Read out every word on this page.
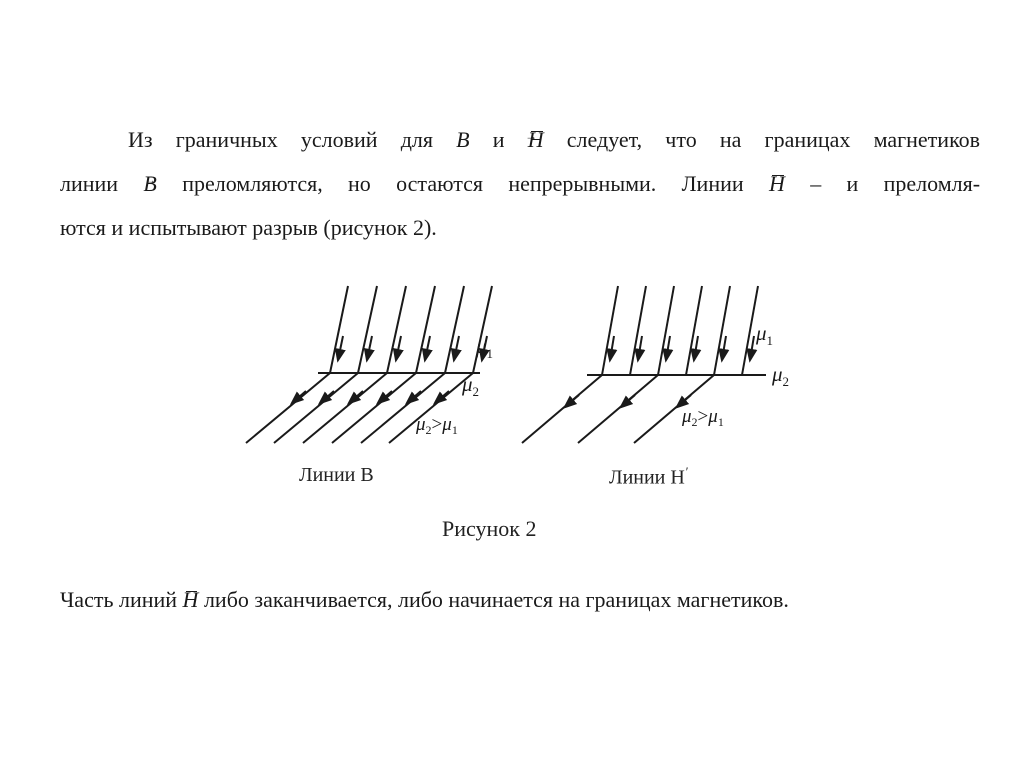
Из граничных условий для → B и H следует, что на границах магнетиков
линии → B преломляются, но остаются непрерывными. Линии H – и преломля-
ются и испытывают разрыв (рисунок 2).
$\mu_1$
$\mu_2$
$\mu_2>\mu_1$
$\mu_1$
$\mu_2$
$\mu_2>\mu_1$
Линии B	Линии H′
Рисунок 2
Часть линий H либо заканчивается, либо начинается на границах магнетиков.
